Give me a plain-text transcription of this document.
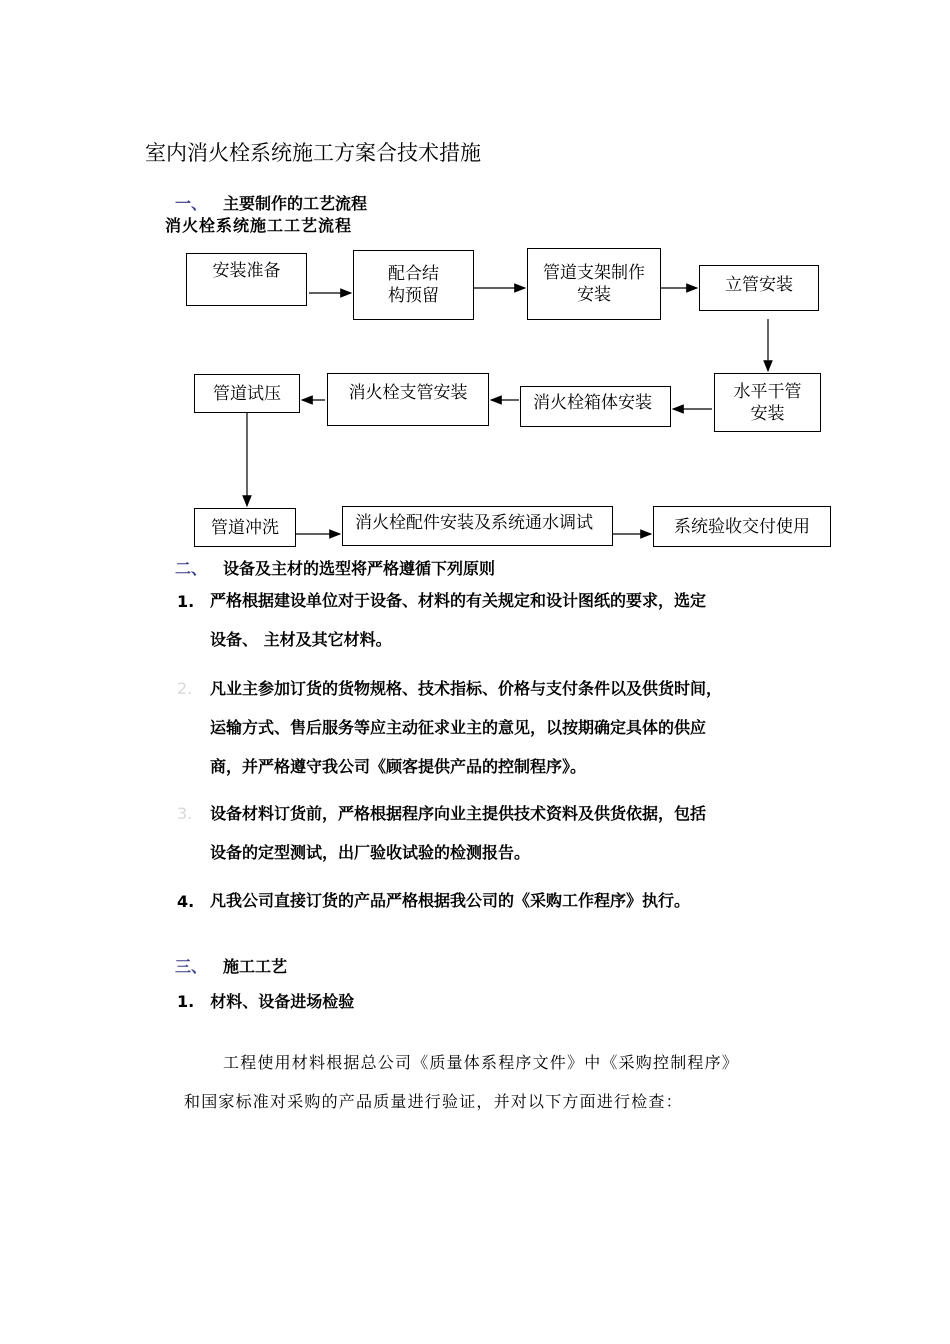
室内消火栓系统施工方案合技术措施
一、 主要制作的工艺流程
消火栓系统施工工艺流程
安装准备	配合结构预留
管道支架制作安装	立管安装
水平干管安装
消火栓箱体安装
消火栓支管安装
管道试压
管道冲洗	消火栓配件安装及系统通水调试	系统验收交付使用
二、 设备及主材的选型将严格遵循下列原则
1. 严格根据建设单位对于设备、材料的有关规定和设计图纸的要求，选定
设备、 主材及其它材料。
2. 凡业主参加订货的货物规格、技术指标、价格与支付条件以及供货时间，
运输方式、售后服务等应主动征求业主的意见，以按期确定具体的供应
商，并严格遵守我公司《顾客提供产品的控制程序》。
3. 设备材料订货前，严格根据程序向业主提供技术资料及供货依据，包括
设备的定型测试，出厂验收试验的检测报告。
4. 凡我公司直接订货的产品严格根据我公司的《采购工作程序》执行。
三、 施工工艺
1. 材料、设备进场检验
工程使用材料根据总公司《质量体系程序文件》中《采购控制程序》
和国家标准对采购的产品质量进行验证，并对以下方面进行检查：
